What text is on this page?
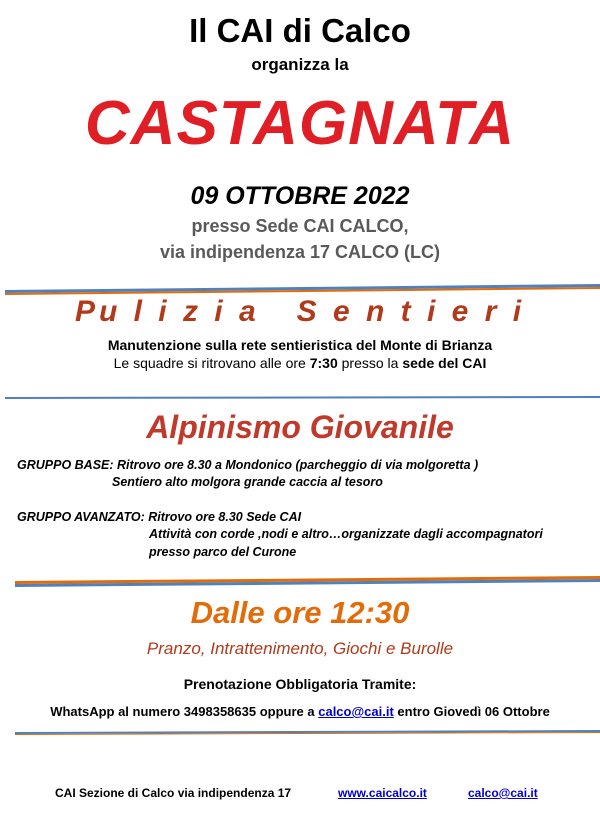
Il CAI di Calco
organizza la
CASTAGNATA
09 OTTOBRE 2022
presso Sede CAI CALCO,
via indipendenza 17 CALCO (LC)
Pu l i z i a   S e n t i e r i
Manutenzione sulla rete sentieristica del Monte di Brianza
Le squadre si ritrovano alle ore 7:30 presso la sede del CAI
Alpinismo Giovanile
GRUPPO BASE: Ritrovo ore 8.30 a Mondonico (parcheggio di via molgoretta )
Sentiero alto molgora grande caccia al tesoro
GRUPPO AVANZATO: Ritrovo ore 8.30 Sede CAI
Attività con corde ,nodi e altro…organizzate dagli accompagnatori
presso parco del Curone
Dalle ore 12:30
Pranzo, Intrattenimento, Giochi e Burolle
Prenotazione Obbligatoria Tramite:
WhatsApp al numero 3498358635 oppure a calco@cai.it entro Giovedì 06 Ottobre
CAI Sezione di Calco via indipendenza 17	www.caicalco.it	calco@cai.it
